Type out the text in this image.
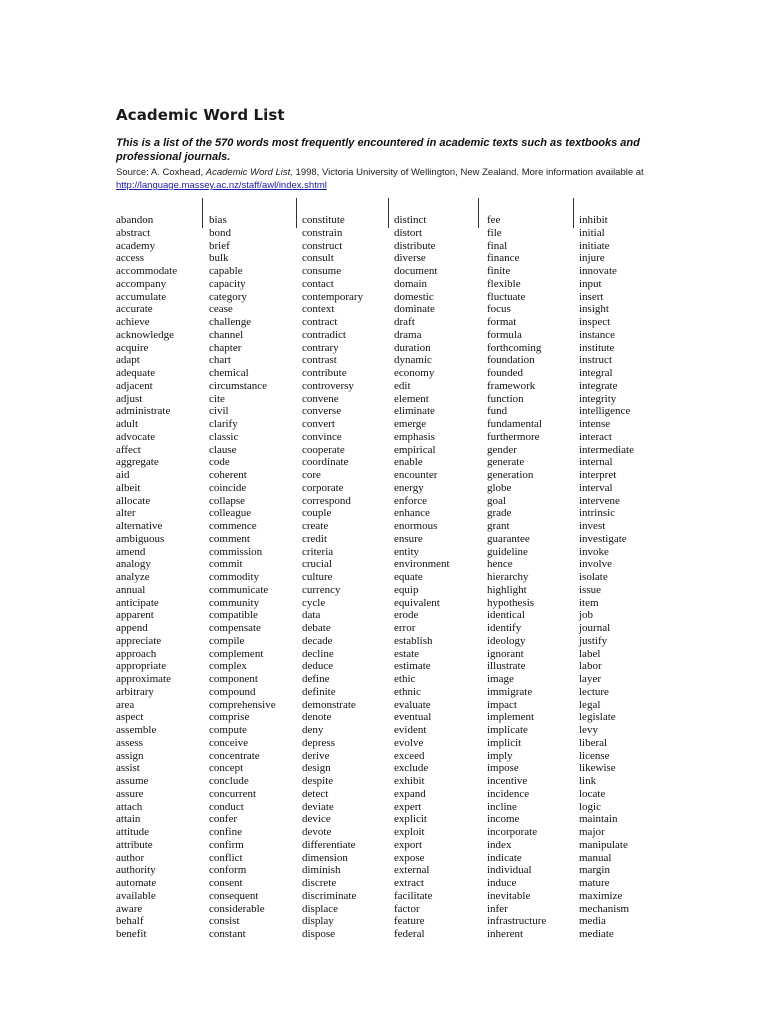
Academic Word List
This is a list of the 570 words most frequently encountered in academic texts such as textbooks and professional journals.
Source: A. Coxhead, Academic Word List, 1998, Victoria University of Wellington, New Zealand. More information available at
http://language.massey.ac.nz/staff/awl/index.shtml
abandon
abstract
academy
access
accommodate
accompany
accumulate
accurate
achieve
acknowledge
acquire
adapt
adequate
adjacent
adjust
administrate
adult
advocate
affect
aggregate
aid
albeit
allocate
alter
alternative
ambiguous
amend
analogy
analyze
annual
anticipate
apparent
append
appreciate
approach
appropriate
approximate
arbitrary
area
aspect
assemble
assess
assign
assist
assume
assure
attach
attain
attitude
attribute
author
authority
automate
available
aware
behalf
benefit
bias
bond
brief
bulk
capable
capacity
category
cease
challenge
channel
chapter
chart
chemical
circumstance
cite
civil
clarify
classic
clause
code
coherent
coincide
collapse
colleague
commence
comment
commission
commit
commodity
communicate
community
compatible
compensate
compile
complement
complex
component
compound
comprehensive
comprise
compute
conceive
concentrate
concept
conclude
concurrent
conduct
confer
confine
confirm
conflict
conform
consent
consequent
considerable
consist
constant
constitute
constrain
construct
consult
consume
contact
contemporary
context
contract
contradict
contrary
contrast
contribute
controversy
convene
converse
convert
convince
cooperate
coordinate
core
corporate
correspond
couple
create
credit
criteria
crucial
culture
currency
cycle
data
debate
decade
decline
deduce
define
definite
demonstrate
denote
deny
depress
derive
design
despite
detect
deviate
device
devote
differentiate
dimension
diminish
discrete
discriminate
displace
display
dispose
distinct
distort
distribute
diverse
document
domain
domestic
dominate
draft
drama
duration
dynamic
economy
edit
element
eliminate
emerge
emphasis
empirical
enable
encounter
energy
enforce
enhance
enormous
ensure
entity
environment
equate
equip
equivalent
erode
error
establish
estate
estimate
ethic
ethnic
evaluate
eventual
evident
evolve
exceed
exclude
exhibit
expand
expert
explicit
exploit
export
expose
external
extract
facilitate
factor
feature
federal
fee
file
final
finance
finite
flexible
fluctuate
focus
format
formula
forthcoming
foundation
founded
framework
function
fund
fundamental
furthermore
gender
generate
generation
globe
goal
grade
grant
guarantee
guideline
hence
hierarchy
highlight
hypothesis
identical
identify
ideology
ignorant
illustrate
image
immigrate
impact
implement
implicate
implicit
imply
impose
incentive
incidence
incline
income
incorporate
index
indicate
individual
induce
inevitable
infer
infrastructure
inherent
inhibit
initial
initiate
injure
innovate
input
insert
insight
inspect
instance
institute
instruct
integral
integrate
integrity
intelligence
intense
interact
intermediate
internal
interpret
interval
intervene
intrinsic
invest
investigate
invoke
involve
isolate
issue
item
job
journal
justify
label
labor
layer
lecture
legal
legislate
levy
liberal
license
likewise
link
locate
logic
maintain
major
manipulate
manual
margin
mature
maximize
mechanism
media
mediate
